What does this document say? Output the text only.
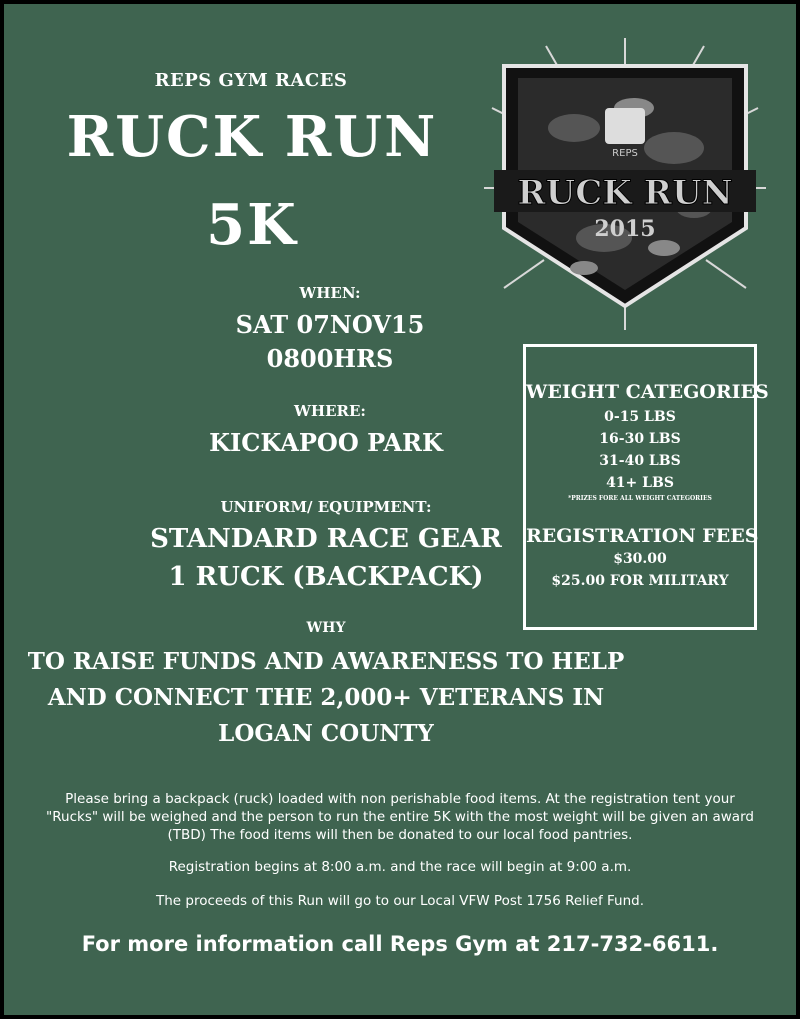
REPS GYM RACES
RUCK RUN
5K
REPS
RUCK RUN
2015
WHEN:
SAT 07NOV15
0800HRS
WHERE:
KICKAPOO PARK
UNIFORM/ EQUIPMENT:
STANDARD RACE GEAR
1 RUCK (BACKPACK)
WEIGHT CATEGORIES
0-15 LBS
16-30 LBS
31-40 LBS
41+ LBS
*PRIZES FORE ALL WEIGHT CATEGORIES
REGISTRATION FEES
$30.00
$25.00 FOR MILITARY
WHY
TO RAISE FUNDS AND AWARENESS TO HELP
AND CONNECT THE 2,000+ VETERANS IN
LOGAN COUNTY
Please bring a backpack (ruck) loaded with non perishable food items. At the registration tent your
"Rucks" will be weighed and the person to run the entire 5K with the most weight will be given an award
(TBD) The food items will then be donated to our local food pantries.
Registration begins at 8:00 a.m. and the race will begin at 9:00 a.m.
The proceeds of this Run will go to our Local VFW Post 1756 Relief Fund.
For more information call Reps Gym at 217-732-6611.
